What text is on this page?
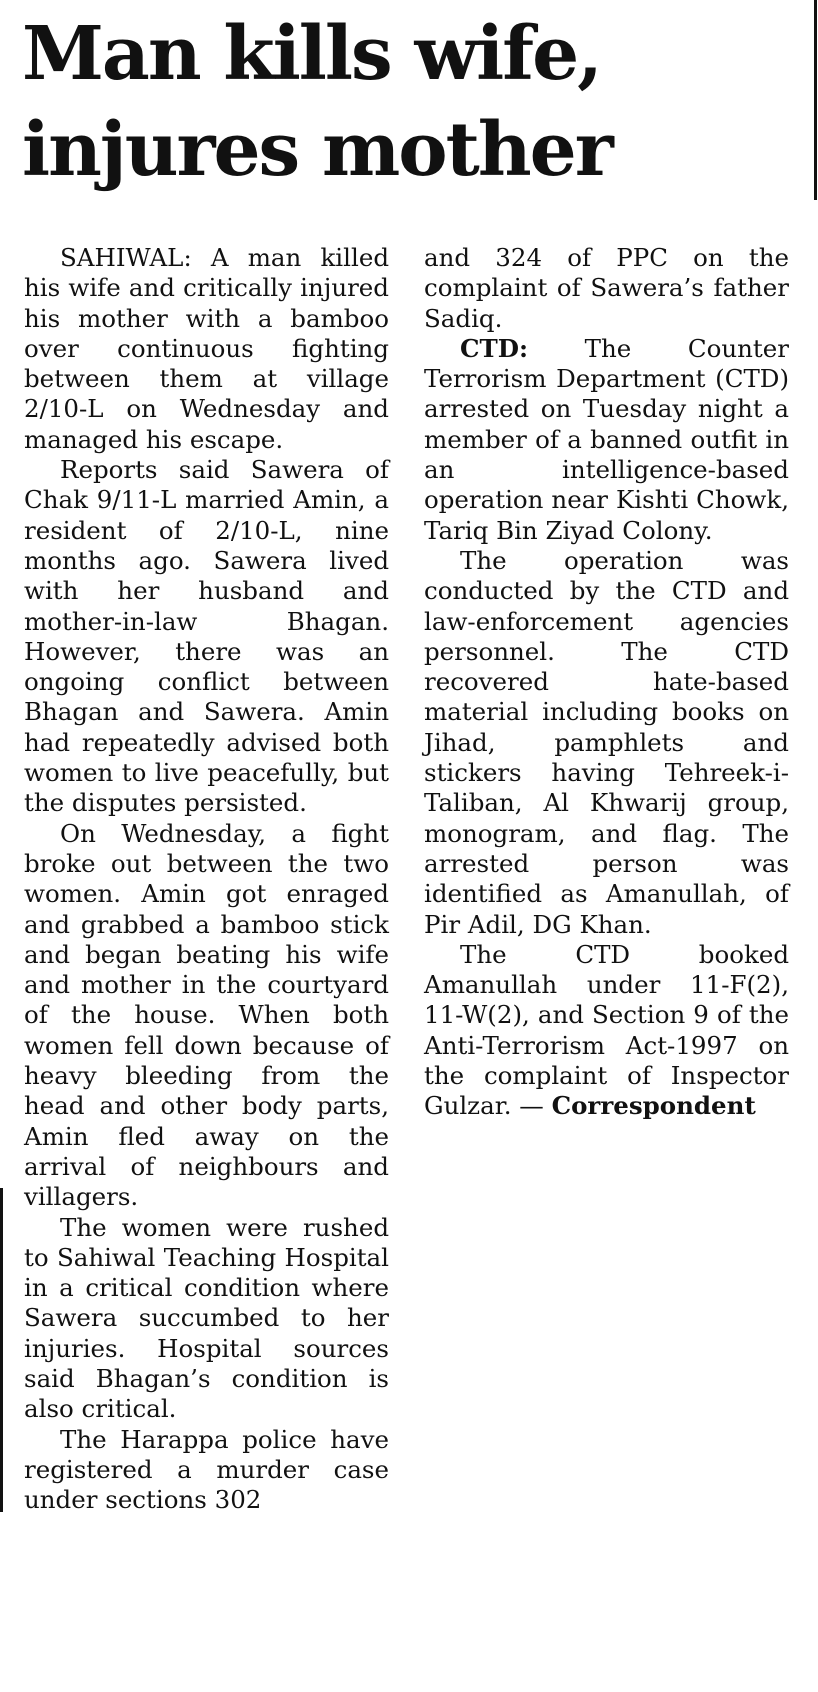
Man kills wife,
injures mother

SAHIWAL: A man killed his wife and critically injured his mother with a bamboo over continuous fighting between them at village 2/10-L on Wednesday and managed his escape.

Reports said Sawera of Chak 9/11-L married Amin, a resident of 2/10-L, nine months ago. Sawera lived with her husband and mother-in-law Bhagan. However, there was an ongoing conflict between Bhagan and Sawera. Amin had repeatedly advised both women to live peacefully, but the disputes persisted.

On Wednesday, a fight broke out between the two women. Amin got enraged and grabbed a bamboo stick and began beating his wife and mother in the courtyard of the house. When both women fell down because of heavy bleeding from the head and other body parts, Amin fled away on the arrival of neighbours and villagers.

The women were rushed to Sahiwal Teaching Hospital in a critical condition where Sawera succumbed to her injuries. Hospital sources said Bhagan’s condition is also critical.

The Harappa police have registered a murder case under sections 302

and 324 of PPC on the complaint of Sawera’s father Sadiq.

CTD: The Counter Terrorism Department (CTD) arrested on Tuesday night a member of a banned outfit in an intelligence-based operation near Kishti Chowk, Tariq Bin Ziyad Colony.

The operation was conducted by the CTD and law-enforcement agencies personnel. The CTD recovered hate-based material including books on Jihad, pamphlets and stickers having Tehreek-i-Taliban, Al Khwarij group, monogram, and flag. The arrested person was identified as Amanullah, of Pir Adil, DG Khan.

The CTD booked Amanullah under 11-F(2), 11-W(2), and Section 9 of the Anti-Terrorism Act-1997 on the complaint of Inspector Gulzar. — Correspondent
